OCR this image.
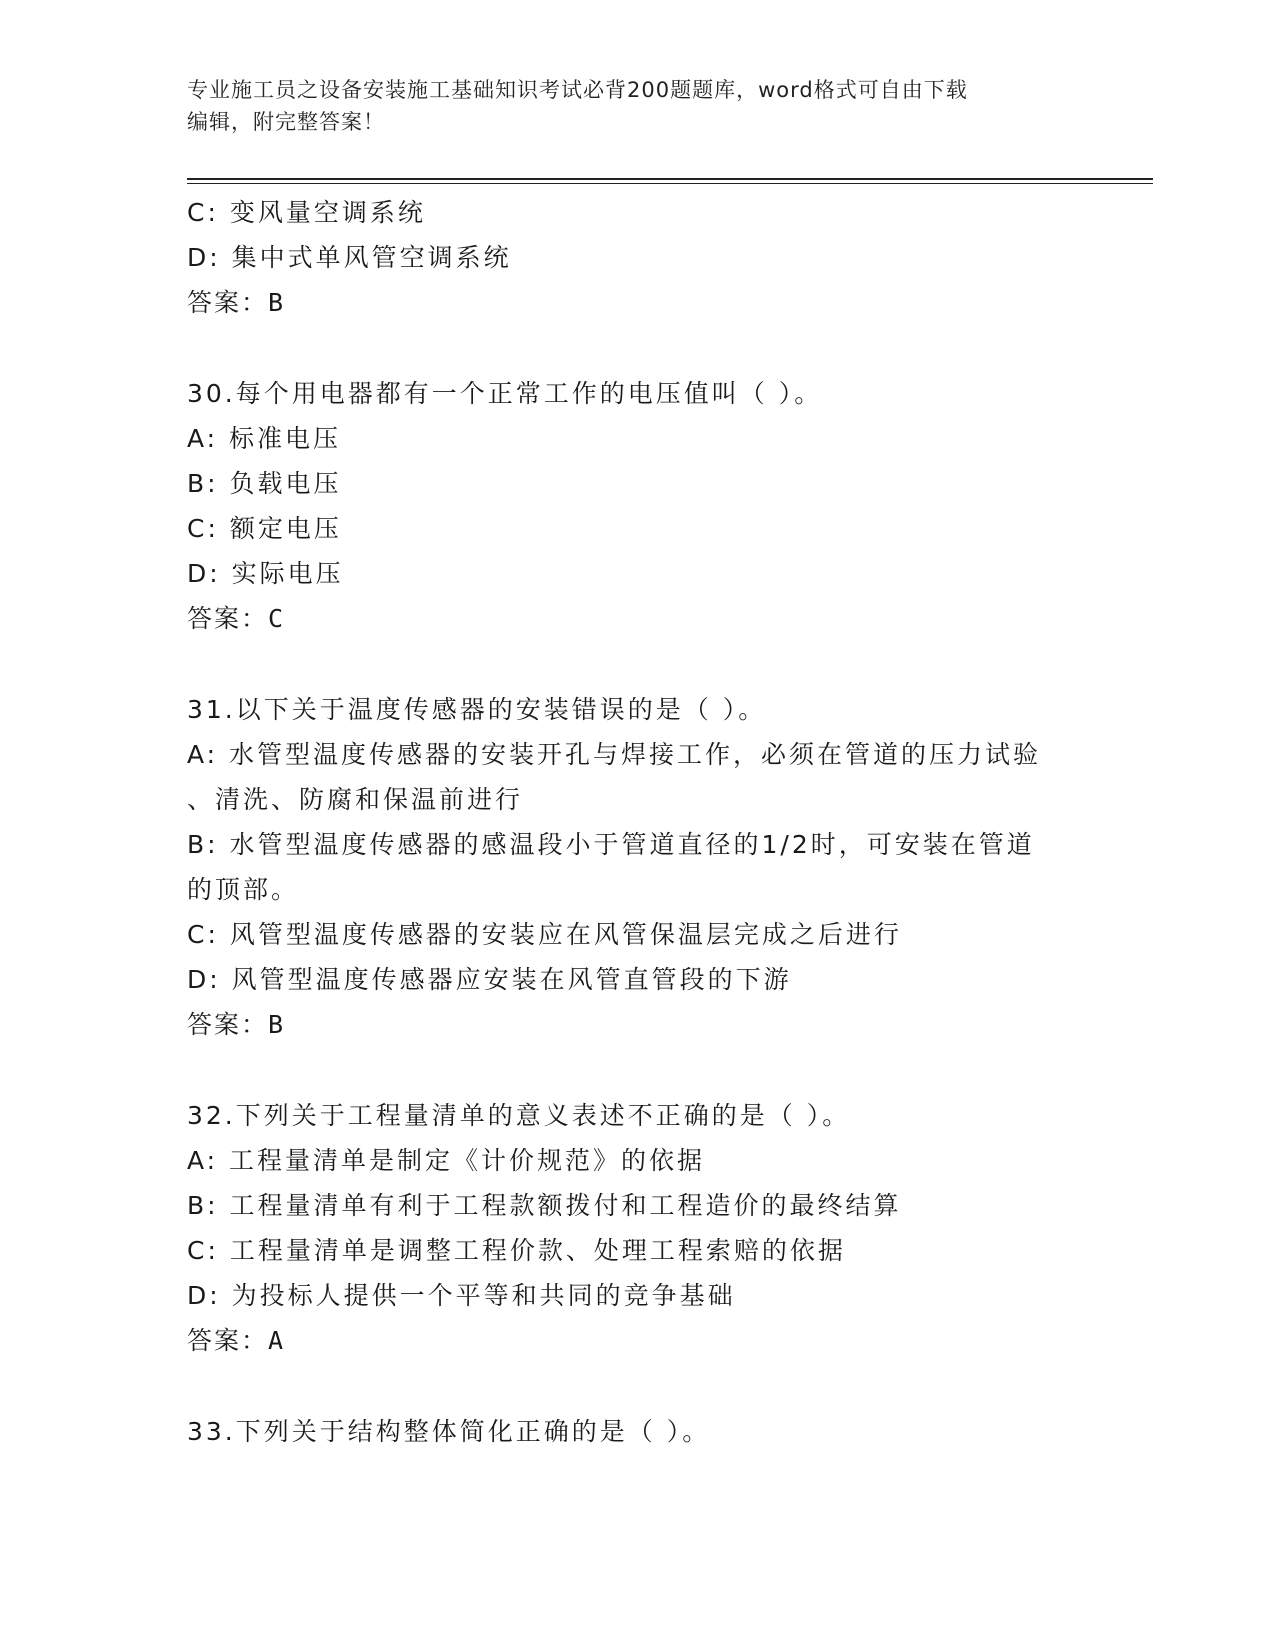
专业施工员之设备安装施工基础知识考试必背200题题库，word格式可自由下载
编辑，附完整答案！
C: 变风量空调系统
D: 集中式单风管空调系统
答案：B
30.每个用电器都有一个正常工作的电压值叫（ ）。
A: 标准电压
B: 负载电压
C: 额定电压
D: 实际电压
答案：C
31.以下关于温度传感器的安装错误的是（ ）。
A: 水管型温度传感器的安装开孔与焊接工作，必须在管道的压力试验
、清洗、防腐和保温前进行
B: 水管型温度传感器的感温段小于管道直径的1/2时，可安装在管道
的顶部。
C: 风管型温度传感器的安装应在风管保温层完成之后进行
D: 风管型温度传感器应安装在风管直管段的下游
答案：B
32.下列关于工程量清单的意义表述不正确的是（ ）。
A: 工程量清单是制定《计价规范》的依据
B: 工程量清单有利于工程款额拨付和工程造价的最终结算
C: 工程量清单是调整工程价款、处理工程索赔的依据
D: 为投标人提供一个平等和共同的竞争基础
答案：A
33.下列关于结构整体简化正确的是（ ）。
